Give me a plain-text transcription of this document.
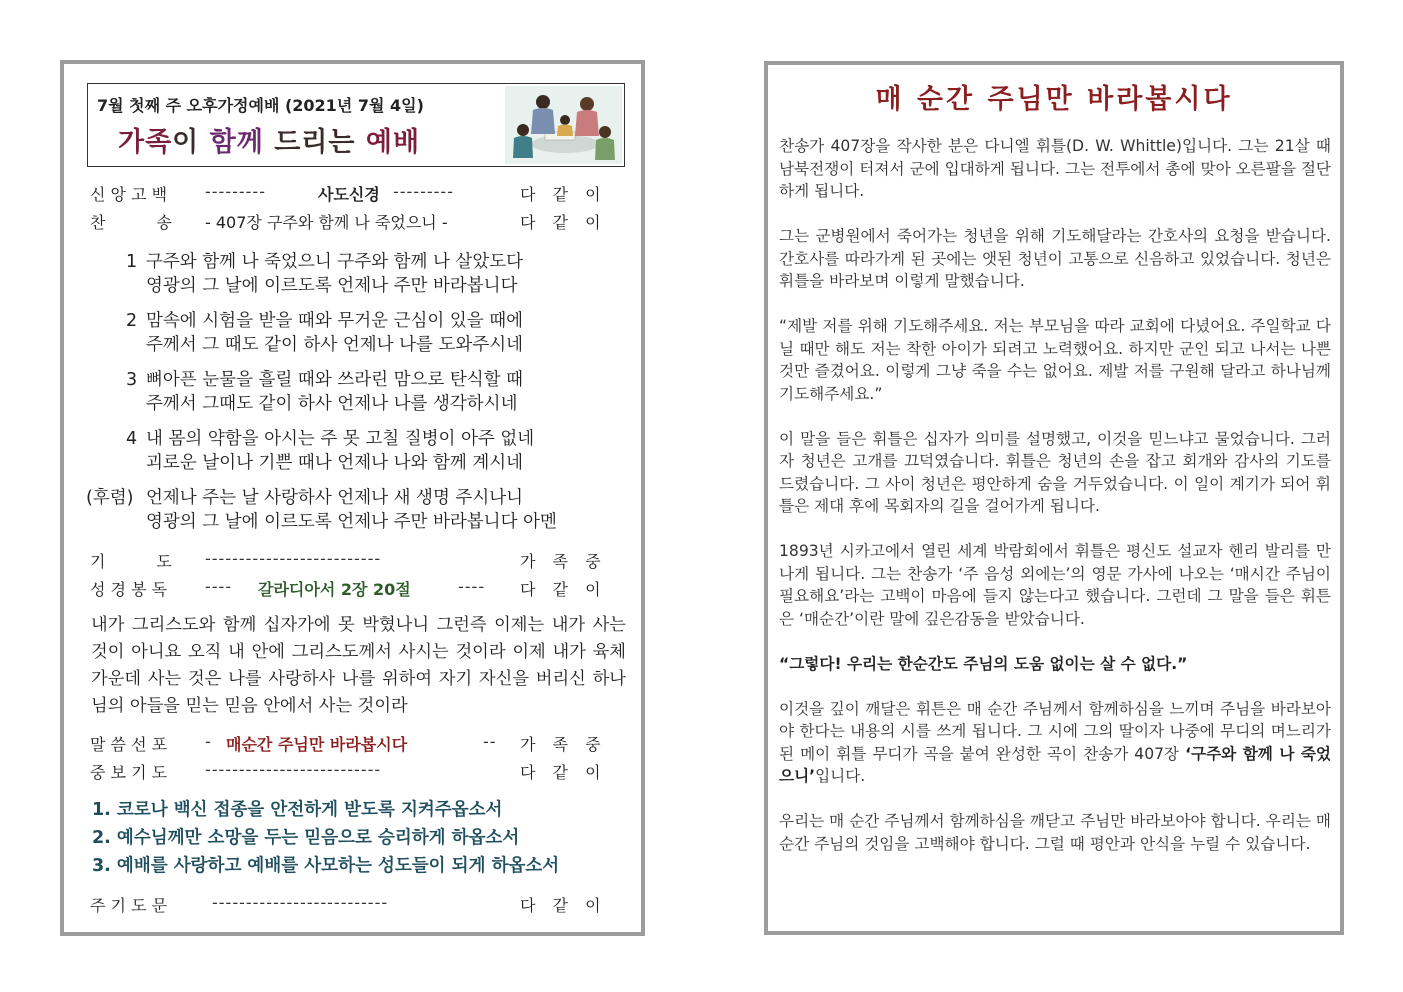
7월 첫째 주 오후가정예배 (2021년 7월 4일)
가족이 함께 드리는 예배
신 앙 고 백 ---------	사도신경 ---------	다 같 이
찬          송 - 407장 구주와 함께 나 죽었으니 -	다 같 이
1 구주와 함께 나 죽었으니 구주와 함께 나 살았도다
영광의 그 날에 이르도록 언제나 주만 바라봅니다
2 맘속에 시험을 받을 때와 무거운 근심이 있을 때에
주께서 그 때도 같이 하사 언제나 나를 도와주시네
3 뼈아픈 눈물을 흘릴 때와 쓰라린 맘으로 탄식할 때
주께서 그때도 같이 하사 언제나 나를 생각하시네
4 내 몸의 약함을 아시는 주 못 고칠 질병이 아주 없네
괴로운 날이나 기쁜 때나 언제나 나와 함께 계시네
(후렴) 언제나 주는 날 사랑하사 언제나 새 생명 주시나니
영광의 그 날에 이르도록 언제나 주만 바라봅니다 아멘
기          도 --------------------------	가 족 중
성 경 봉 독 ---- 갈라디아서 2장 20절	---- 다 같 이
내가 그리스도와 함께 십자가에 못 박혔나니 그런즉 이제는 내가 사는 것이 아니요 오직 내 안에 그리스도께서 사시는 것이라 이제 내가 육체 가운데 사는 것은 나를 사랑하사 나를 위하여 자기 자신을 버리신 하나님의 아들을 믿는 믿음 안에서 사는 것이라
말 씀 선 포 - 매순간 주님만 바라봅시다	-- 가 족 중
중 보 기 도 --------------------------	다 같 이
1. 코로나 백신 접종을 안전하게 받도록 지켜주옵소서
2. 예수님께만 소망을 두는 믿음으로 승리하게 하옵소서
3. 예배를 사랑하고 예배를 사모하는 성도들이 되게 하옵소서
주 기 도 문	--------------------------	다 같 이
매 순간 주님만 바라봅시다

찬송가 407장을 작사한 분은 다니엘 휘틀(D. W. Whittle)입니다. 그는 21살 때 남북전쟁이 터져서 군에 입대하게 됩니다. 그는 전투에서 총에 맞아 오른팔을 절단하게 됩니다.

그는 군병원에서 죽어가는 청년을 위해 기도해달라는 간호사의 요청을 받습니다. 간호사를 따라가게 된 곳에는 앳된 청년이 고통으로 신음하고 있었습니다. 청년은 휘틀을 바라보며 이렇게 말했습니다.

“제발 저를 위해 기도해주세요. 저는 부모님을 따라 교회에 다녔어요. 주일학교 다닐 때만 해도 저는 착한 아이가 되려고 노력했어요. 하지만 군인 되고 나서는 나쁜 것만 즐겼어요. 이렇게 그냥 죽을 수는 없어요. 제발 저를 구원해 달라고 하나님께 기도해주세요.”

이 말을 들은 휘틀은 십자가 의미를 설명했고, 이것을 믿느냐고 물었습니다. 그러자 청년은 고개를 끄덕였습니다. 휘틀은 청년의 손을 잡고 회개와 감사의 기도를 드렸습니다. 그 사이 청년은 평안하게 숨을 거두었습니다. 이 일이 계기가 되어 휘틀은 제대 후에 목회자의 길을 걸어가게 됩니다.

1893년 시카고에서 열린 세계 박람회에서 휘틀은 평신도 설교자 헨리 발리를 만나게 됩니다. 그는 찬송가 ‘주 음성 외에는’의 영문 가사에 나오는 ‘매시간 주님이 필요해요’라는 고백이 마음에 들지 않는다고 했습니다. 그런데 그 말을 들은 휘튼은 ‘매순간’이란 말에 깊은감동을 받았습니다.

“그렇다! 우리는 한순간도 주님의 도움 없이는 살 수 없다.”

이것을 깊이 깨달은 휘튼은 매 순간 주님께서 함께하심을 느끼며 주님을 바라보아야 한다는 내용의 시를 쓰게 됩니다. 그 시에 그의 딸이자 나중에 무디의 며느리가 된 메이 휘틀 무디가 곡을 붙여 완성한 곡이 찬송가 407장 ‘구주와 함께 나 죽었으니’입니다.

우리는 매 순간 주님께서 함께하심을 깨닫고 주님만 바라보아야 합니다. 우리는 매 순간 주님의 것임을 고백해야 합니다. 그럴 때 평안과 안식을 누릴 수 있습니다.
